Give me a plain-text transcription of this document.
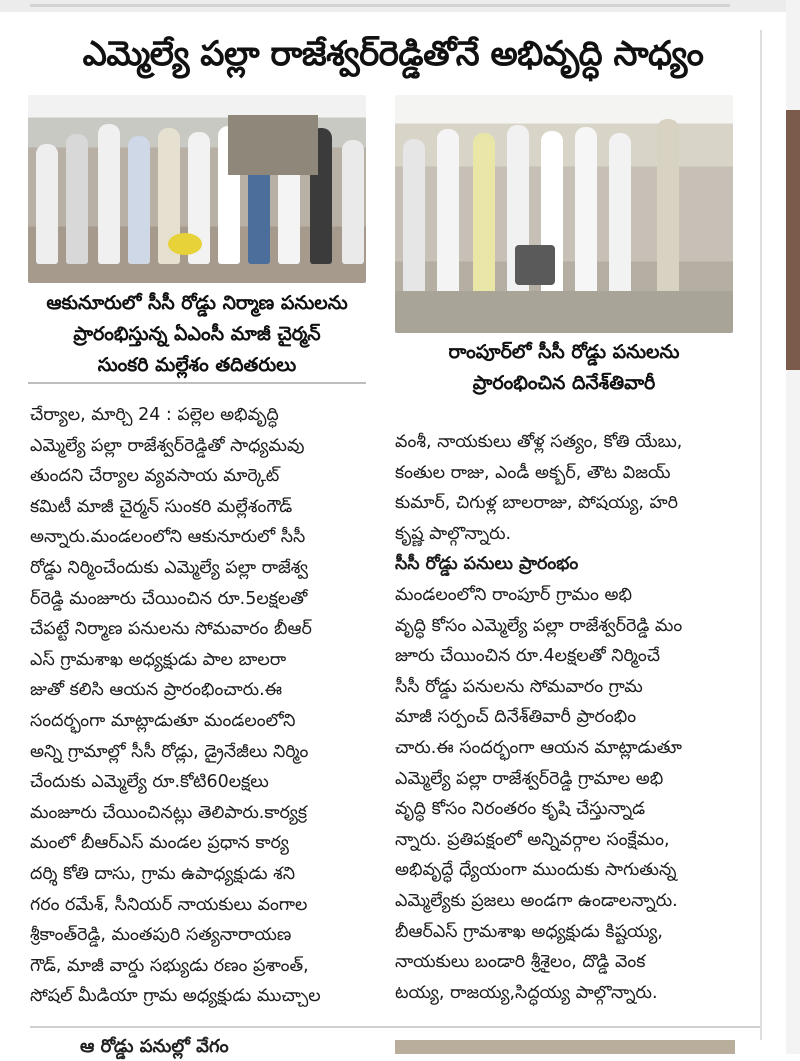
ఎమ్మెల్యే పల్లా రాజేశ్వర్‌రెడ్డితోనే అభివృద్ధి సాధ్యం
ఆకునూరులో సీసీ రోడ్డు నిర్మాణ పనులను
ప్రారంభిస్తున్న ఏఎంసీ మాజీ చైర్మన్
సుంకరి మల్లేశం తదితరులు
రాంపూర్‌లో సీసీ రోడ్డు పనులను
ప్రారంభించిన దినేశ్‌తివారీ
చేర్యాల, మార్చి 24 : పల్లెల అభివృద్ధి
ఎమ్మెల్యే పల్లా రాజేశ్వర్‌రెడ్డితో సాధ్యమవు
తుందని చేర్యాల వ్యవసాయ మార్కెట్
కమిటీ మాజీ చైర్మన్ సుంకరి మల్లేశంగౌడ్
అన్నారు.మండలంలోని ఆకునూరులో సీసీ
రోడ్డు నిర్మించేందుకు ఎమ్మెల్యే పల్లా రాజేశ్వ
ర్‌రెడ్డి మంజూరు చేయించిన రూ.5లక్షలతో
చేపట్టే నిర్మాణ పనులను సోమవారం బీఆర్
ఎస్ గ్రామశాఖ అధ్యక్షుడు పాల బాలరా
జుతో కలిసి ఆయన ప్రారంభించారు.ఈ
సందర్భంగా మాట్లాడుతూ మండలంలోని
అన్ని గ్రామాల్లో సీసీ రోడ్లు, డ్రైనేజీలు నిర్మిం
చేందుకు ఎమ్మెల్యే రూ.కోటి60లక్షలు
మంజూరు చేయించినట్లు తెలిపారు.కార్యక్ర
మంలో బీఆర్ఎస్ మండల ప్రధాన కార్య
దర్శి కోతి దాసు, గ్రామ ఉపాధ్యక్షుడు శని
గరం రమేశ్, సీనియర్ నాయకులు వంగాల
శ్రీకాంత్‌రెడ్డి, మంతపురి సత్యనారాయణ
గౌడ్, మాజీ వార్డు సభ్యుడు రణం ప్రశాంత్,
సోషల్ మీడియా గ్రామ అధ్యక్షుడు ముచ్చాల
వంశీ, నాయకులు తోళ్ల సత్యం, కోతి యేబు,
కంతుల రాజు, ఎండీ అక్బర్, తౌట విజయ్
కుమార్, చిగుళ్ల బాలరాజు, పోషయ్య, హరి
కృష్ణ పాల్గొన్నారు.
సీసీ రోడ్డు పనులు ప్రారంభం
మండలంలోని రాంపూర్ గ్రామం అభి
వృద్ధి కోసం ఎమ్మెల్యే పల్లా రాజేశ్వర్‌రెడ్డి మం
జూరు చేయించిన రూ.4లక్షలతో నిర్మించే
సీసీ రోడ్డు పనులను సోమవారం గ్రామ
మాజీ సర్పంచ్ దినేశ్‌తివారీ ప్రారంభిం
చారు.ఈ సందర్భంగా ఆయన మాట్లాడుతూ
ఎమ్మెల్యే పల్లా రాజేశ్వర్‌రెడ్డి గ్రామాల అభి
వృద్ధి కోసం నిరంతరం కృషి చేస్తున్నాడ
న్నారు. ప్రతిపక్షంలో అన్నివర్గాల సంక్షేమం,
అభివృద్ధే ధ్యేయంగా ముందుకు సాగుతున్న
ఎమ్మెల్యేకు ప్రజలు అండగా ఉండాలన్నారు.
బీఆర్ఎస్ గ్రామశాఖ అధ్యక్షుడు కిష్టయ్య,
నాయకులు బండారి శ్రీశైలం, దొడ్డి వెంక
టయ్య, రాజయ్య,సిద్ధయ్య పాల్గొన్నారు.
ఆ రోడ్డు పనుల్లో వేగం
